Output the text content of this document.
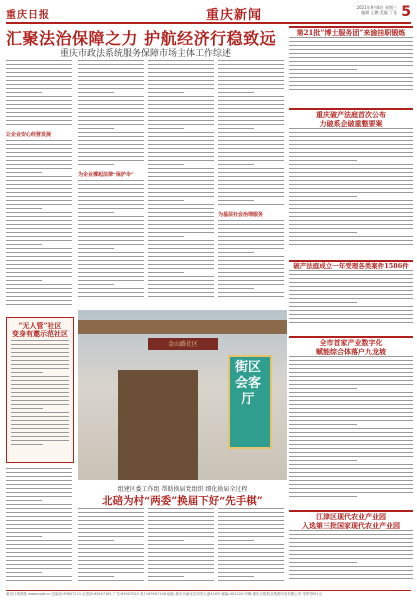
重庆日报	重庆新闻
2021年9月8日 星期三
编辑 王鹏 美编 丁龙 5
汇聚法治保障之力 护航经济行稳致远
重庆市政法系统服务保障市场主体工作综述
让企业安心经营发展
为企业撑起法律“保护伞”
为基层社会治理服务
“无人管”社区
变身有邀示范社区
金山路社区
街区会客厅
组建区委工作组 帮助换届党组织 细化换届全过程
北碚为村“两委”换届下好“先手棋”
第21批“博士服务团”来渝挂职锻炼
重庆破产法庭首次公布
力破系企破重整要案
破产法庭成立一年受理各类案件1586件
全市首家产业数字化
赋能综合体落户九龙坡
江津区现代农业产业园
入选第三批国家现代农业产业园
重庆日报网址 www.cqrb.cn 总编室:63907111 记者部:63907181 广告:63907020 发行:63907158 地址:重庆市渝北区同茂大道416号 邮编:401120 印刷:重庆日报报业集团印务有限公司 零售每份1元
